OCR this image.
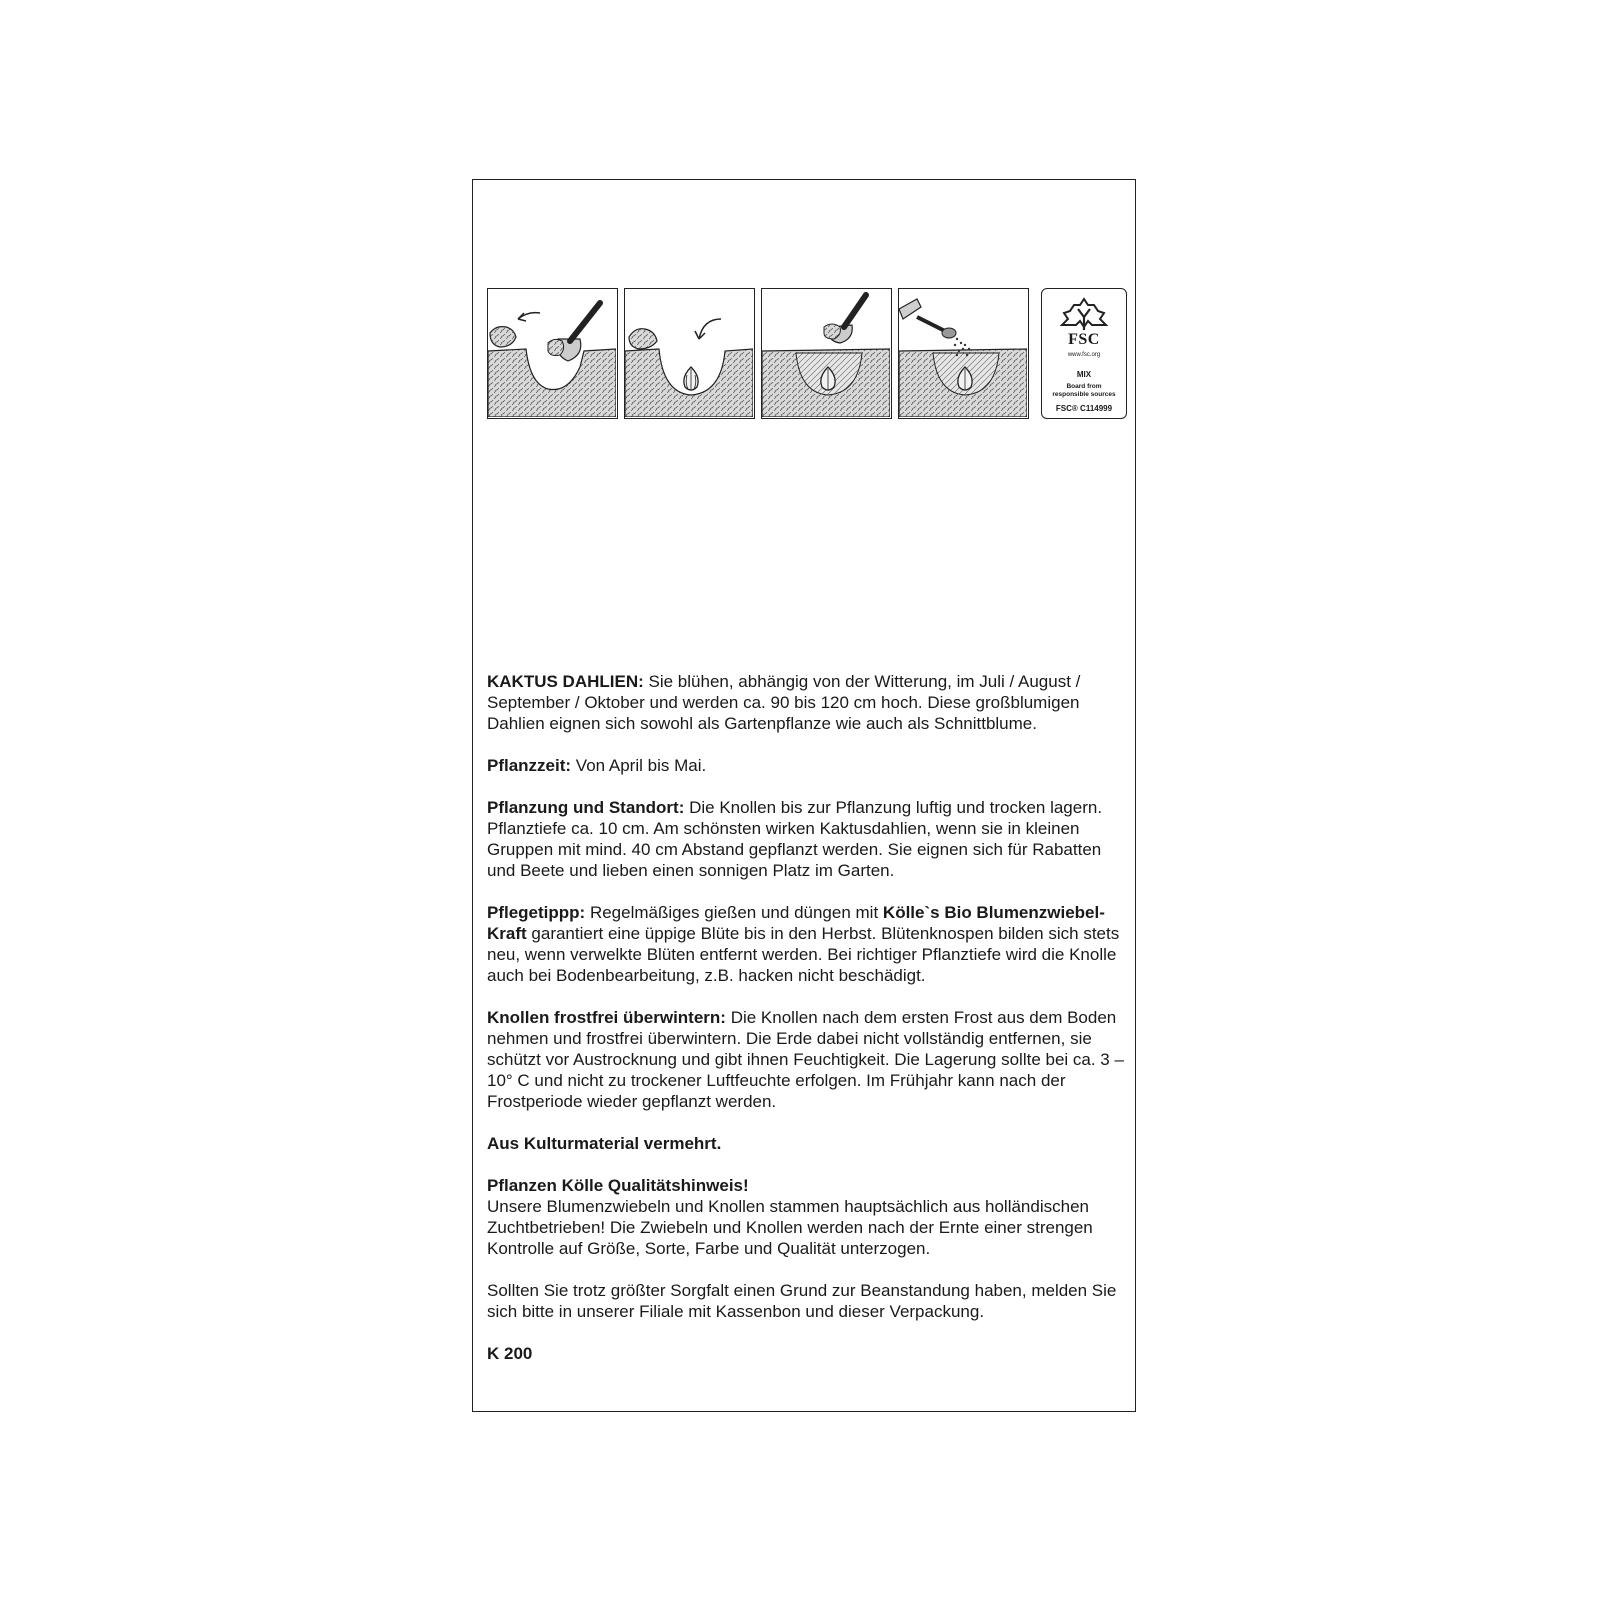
FSC
www.fsc.org
MIX
Board from
responsible sources
FSC® C114999

KAKTUS DAHLIEN: Sie blühen, abhängig von der Witterung, im Juli / August / September / Oktober und werden ca. 90 bis 120 cm hoch. Diese großblumigen Dahlien eignen sich sowohl als Gartenpflanze wie auch als Schnittblume.

Pflanzzeit: Von April bis Mai.

Pflanzung und Standort: Die Knollen bis zur Pflanzung luftig und trocken lagern. Pflanztiefe ca. 10 cm. Am schönsten wirken Kaktusdahlien, wenn sie in kleinen Gruppen mit mind. 40 cm Abstand gepflanzt werden. Sie eignen sich für Rabatten und Beete und lieben einen sonnigen Platz im Garten.

Pflegetippp: Regelmäßiges gießen und düngen mit Kölle`s Bio Blumenzwiebel-Kraft garantiert eine üppige Blüte bis in den Herbst. Blütenknospen bilden sich stets neu, wenn verwelkte Blüten entfernt werden. Bei richtiger Pflanztiefe wird die Knolle auch bei Bodenbearbeitung, z.B. hacken nicht beschädigt.

Knollen frostfrei überwintern: Die Knollen nach dem ersten Frost aus dem Boden nehmen und frostfrei überwintern. Die Erde dabei nicht vollständig entfernen, sie schützt vor Austrocknung und gibt ihnen Feuchtigkeit. Die Lagerung sollte bei ca. 3 – 10° C und nicht zu trockener Luftfeuchte erfolgen. Im Frühjahr kann nach der Frostperiode wieder gepflanzt werden.

Aus Kulturmaterial vermehrt.

Pflanzen Kölle Qualitätshinweis!
Unsere Blumenzwiebeln und Knollen stammen hauptsächlich aus holländischen Zuchtbetrieben! Die Zwiebeln und Knollen werden nach der Ernte einer strengen Kontrolle auf Größe, Sorte, Farbe und Qualität unterzogen.

Sollten Sie trotz größter Sorgfalt einen Grund zur Beanstandung haben, melden Sie sich bitte in unserer Filiale mit Kassenbon und dieser Verpackung.

K 200
